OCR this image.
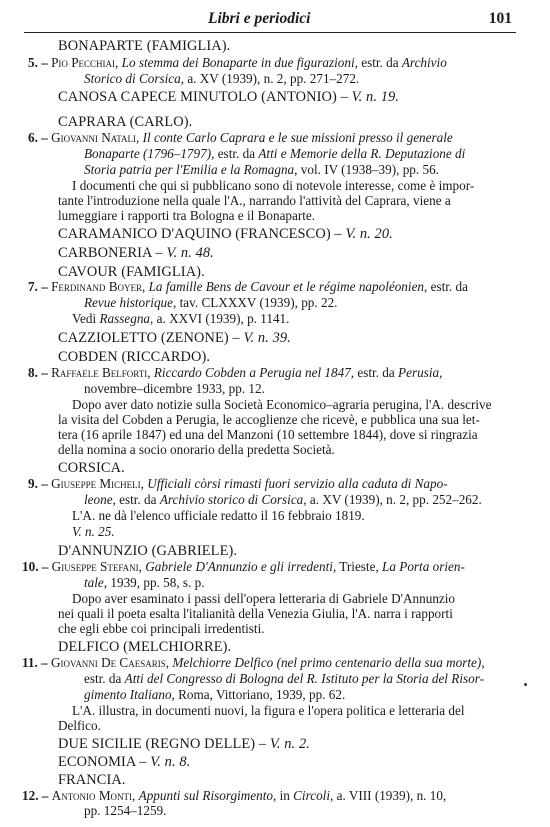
Libri e periodici	101
BONAPARTE (FAMIGLIA).
5. – Pio Pecchiai, Lo stemma dei Bonaparte in due figurazioni, estr. da Archivio
Storico di Corsica, a. XV (1939), n. 2, pp. 271–272.
CANOSA CAPECE MINUTOLO (ANTONIO) – V. n. 19.
CAPRARA (CARLO).
6. – Giovanni Natali, Il conte Carlo Caprara e le sue missioni presso il generale
Bonaparte (1796–1797), estr. da Atti e Memorie della R. Deputazione di
Storia patria per l'Emilia e la Romagna, vol. IV (1938–39), pp. 56.
I documenti che qui si pubblicano sono di notevole interesse, come è impor-
tante l'introduzione nella quale l'A., narrando l'attività del Caprara, viene a
lumeggiare i rapporti tra Bologna e il Bonaparte.
CARAMANICO D'AQUINO (FRANCESCO) – V. n. 20.
CARBONERIA – V. n. 48.
CAVOUR (FAMIGLIA).
7. – Ferdinand Boyer, La famille Bens de Cavour et le régime napoléonien, estr. da
Revue historique, tav. CLXXXV (1939), pp. 22.
Vedi Rassegna, a. XXVI (1939), p. 1141.
CAZZIOLETTO (ZENONE) – V. n. 39.
COBDEN (RICCARDO).
8. – Raffaele Belforti, Riccardo Cobden a Perugia nel 1847, estr. da Perusia,
novembre–dicembre 1933, pp. 12.
Dopo aver dato notizie sulla Società Economico–agraria perugina, l'A. descrive
la visita del Cobden a Perugia, le accoglienze che ricevè, e pubblica una sua let-
tera (16 aprile 1847) ed una del Manzoni (10 settembre 1844), dove si ringrazia
della nomina a socio onorario della predetta Società.
CORSICA.
9. – Giuseppe Micheli, Ufficiali còrsi rimasti fuori servizio alla caduta di Napo-
leone, estr. da Archivio storico di Corsica, a. XV (1939), n. 2, pp. 252–262.
L'A. ne dà l'elenco ufficiale redatto il 16 febbraio 1819.
V. n. 25.
D'ANNUNZIO (GABRIELE).
10. – Giuseppe Stefani, Gabriele D'Annunzio e gli irredenti, Trieste, La Porta orien-
tale, 1939, pp. 58, s. p.
Dopo aver esaminato i passi dell'opera letteraria di Gabriele D'Annunzio
nei quali il poeta esalta l'italianità della Venezia Giulia, l'A. narra i rapporti
che egli ebbe coi principali irredentisti.
DELFICO (MELCHIORRE).
11. – Giovanni De Caesaris, Melchiorre Delfico (nel primo centenario della sua morte),
estr. da Atti del Congresso di Bologna del R. Istituto per la Storia del Risor-
gimento Italiano, Roma, Vittoriano, 1939, pp. 62.
L'A. illustra, in documenti nuovi, la figura e l'opera politica e letteraria del
Delfico.
DUE SICILIE (REGNO DELLE) – V. n. 2.
ECONOMIA – V. n. 8.
FRANCIA.
12. – Antonio Monti, Appunti sul Risorgimento, in Circoli, a. VIII (1939), n. 10,
pp. 1254–1259.
